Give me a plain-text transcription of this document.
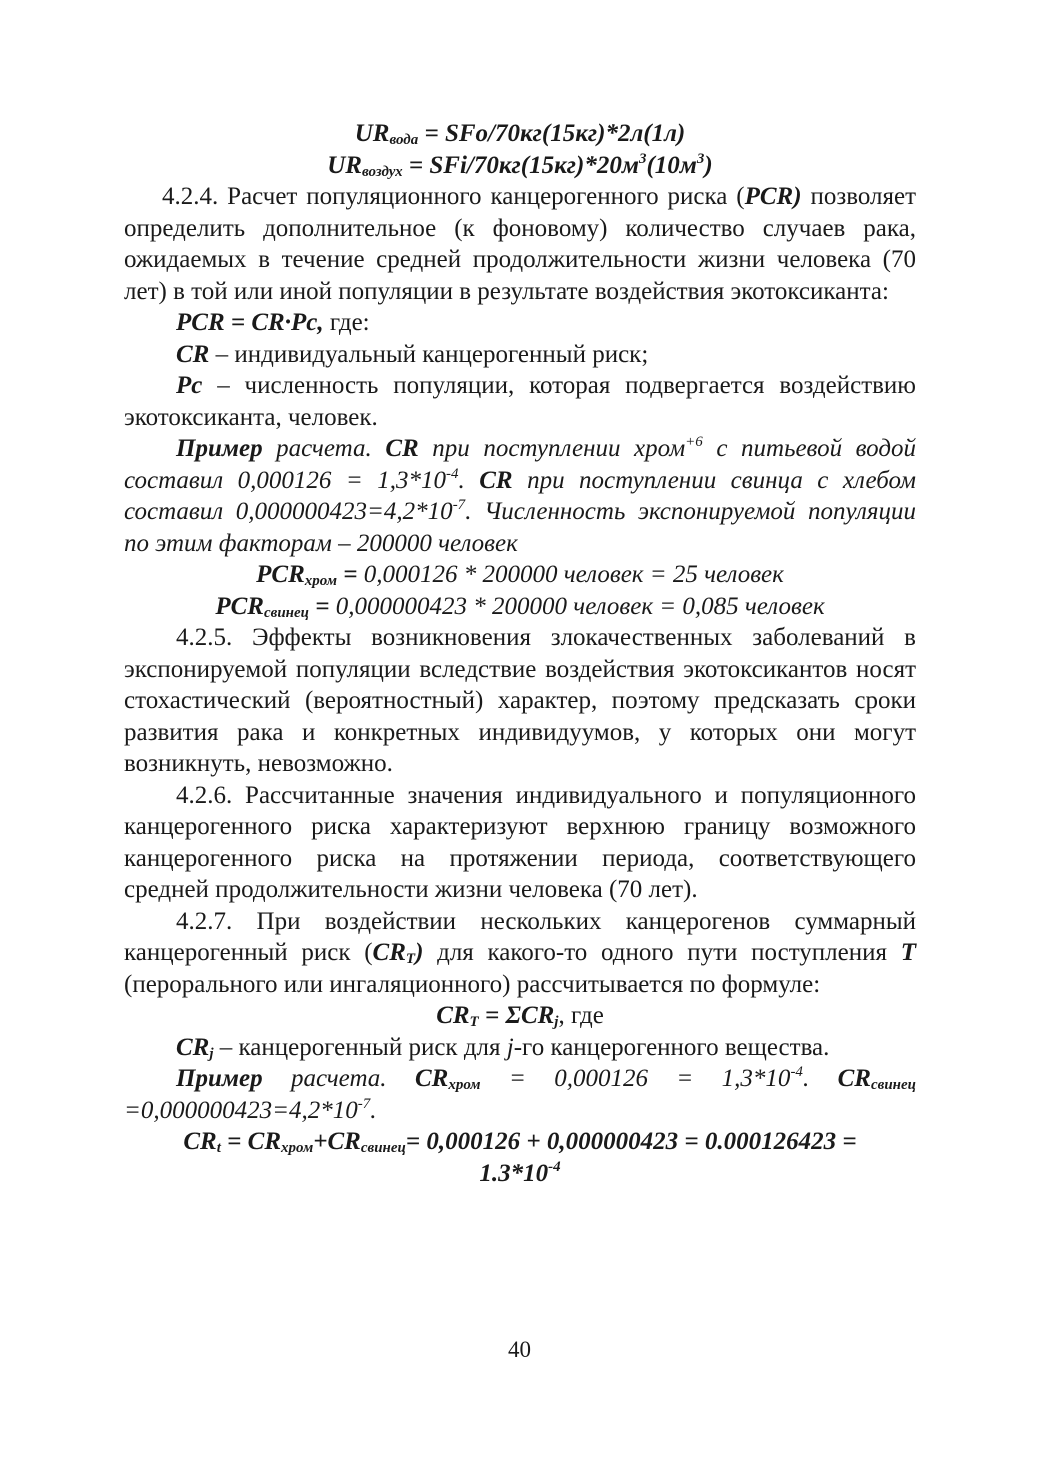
$UR_{вода} = SFo/70кг(15кг)*2л(1л)$

$UR_{воздух} = SFi/70кг(15кг)*20м^3(10м^3)$

4.2.4. Расчет популяционного канцерогенного риска (PCR) позволяет определить дополнительное (к фоновому) количество случаев рака, ожидаемых в течение средней продолжительности жизни человека (70 лет) в той или иной популяции в результате воздействия экотоксиканта:

PCR = CR·Pc, где:

CR – индивидуальный канцерогенный риск;

Pc – численность популяции, которая подвергается воздействию экотоксиканта, человек.

Пример расчета. CR при поступлении хром$^{+6}$ с питьевой водой составил $0,000126 = 1,3*10^{-4}$. CR при поступлении свинца с хлебом составил $0,000000423=4,2*10^{-7}$. Численность экспонируемой популяции по этим факторам – 200000 человек

$PCR_{хром} = 0,000126 * 200000$ человек = 25 человек

$PCR_{свинец} = 0,000000423 * 200000$ человек = 0,085 человек

4.2.5. Эффекты возникновения злокачественных заболеваний в экспонируемой популяции вследствие воздействия экотоксикантов носят стохастический (вероятностный) характер, поэтому предсказать сроки развития рака и конкретных индивидуумов, у которых они могут возникнуть, невозможно.

4.2.6. Рассчитанные значения индивидуального и популяционного канцерогенного риска характеризуют верхнюю границу возможного канцерогенного риска на протяжении периода, соответствующего средней продолжительности жизни человека (70 лет).

4.2.7. При воздействии нескольких канцерогенов суммарный канцерогенный риск $(CR_T)$ для какого-то одного пути поступления T (перорального или ингаляционного) рассчитывается по формуле:

$CR_T = \Sigma CR_j$, где

$CR_j$ – канцерогенный риск для j-го канцерогенного вещества.

Пример расчета. $CR_{хром} = 0,000126 = 1,3*10^{-4}$. $CR_{свинец} =0,000000423=4,2*10^{-7}$.

$CR_t = CR_{хром}+CR_{свинец}= 0,000126 + 0,000000423 = 0.000126423$ =
$1.3*10^{-4}$

40
